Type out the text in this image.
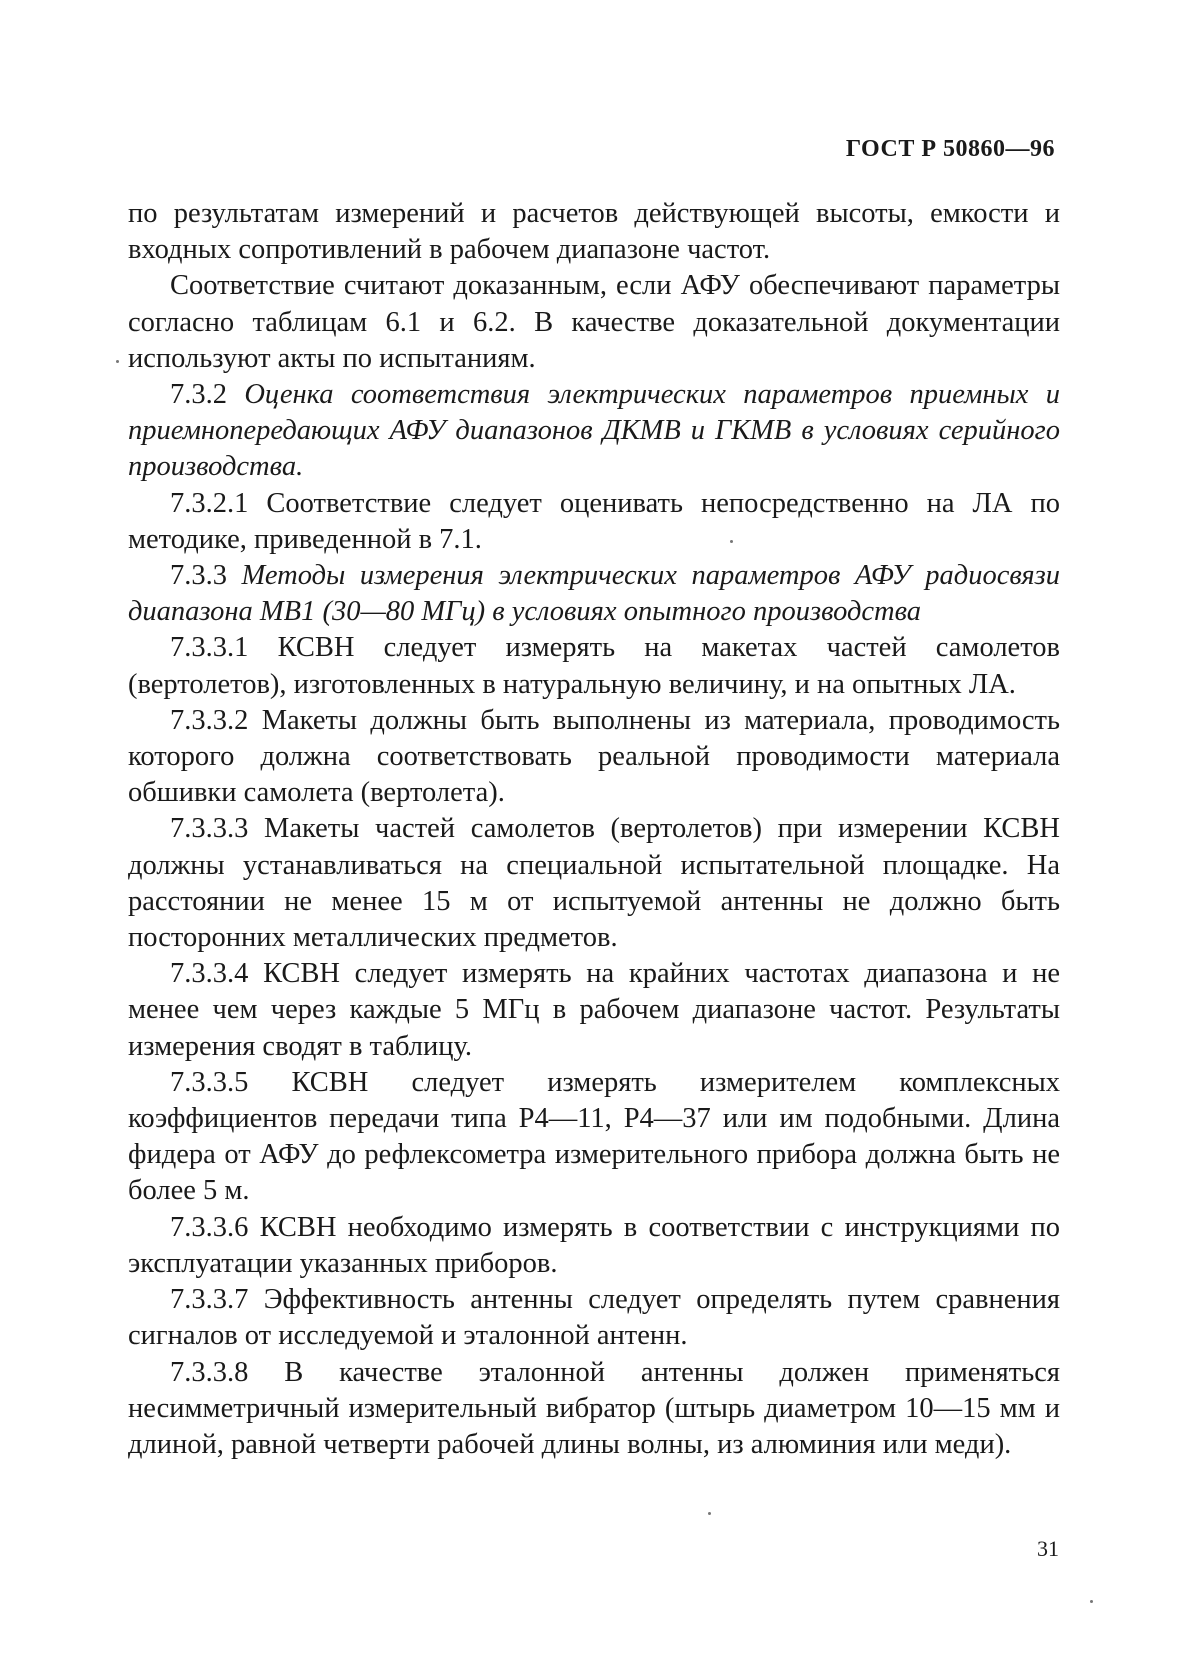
ГОСТ Р 50860—96

по результатам измерений и расчетов действующей высоты, емкости и входных сопротивлений в рабочем диапазоне частот.

Соответствие считают доказанным, если АФУ обеспечивают параметры согласно таблицам 6.1 и 6.2. В качестве доказательной документации используют акты по испытаниям.

7.3.2 Оценка соответствия электрических параметров приемных и приемнопередающих АФУ диапазонов ДКМВ и ГКМВ в условиях серийного производства.

7.3.2.1 Соответствие следует оценивать непосредственно на ЛА по методике, приведенной в 7.1.

7.3.3 Методы измерения электрических параметров АФУ радиосвязи диапазона МВ1 (30—80 МГц) в условиях опытного производства

7.3.3.1 КСВН следует измерять на макетах частей самолетов (вертолетов), изготовленных в натуральную величину, и на опытных ЛА.

7.3.3.2 Макеты должны быть выполнены из материала, проводимость которого должна соответствовать реальной проводимости материала обшивки самолета (вертолета).

7.3.3.3 Макеты частей самолетов (вертолетов) при измерении КСВН должны устанавливаться на специальной испытательной площадке. На расстоянии не менее 15 м от испытуемой антенны не должно быть посторонних металлических предметов.

7.3.3.4 КСВН следует измерять на крайних частотах диапазона и не менее чем через каждые 5 МГц в рабочем диапазоне частот. Результаты измерения сводят в таблицу.

7.3.3.5 КСВН следует измерять измерителем комплексных коэффициентов передачи типа Р4—11, Р4—37 или им подобными. Длина фидера от АФУ до рефлексометра измерительного прибора должна быть не более 5 м.

7.3.3.6 КСВН необходимо измерять в соответствии с инструкциями по эксплуатации указанных приборов.

7.3.3.7 Эффективность антенны следует определять путем сравнения сигналов от исследуемой и эталонной антенн.

7.3.3.8 В качестве эталонной антенны должен применяться несимметричный измерительный вибратор (штырь диаметром 10—15 мм и длиной, равной четверти рабочей длины волны, из алюминия или меди).

31
